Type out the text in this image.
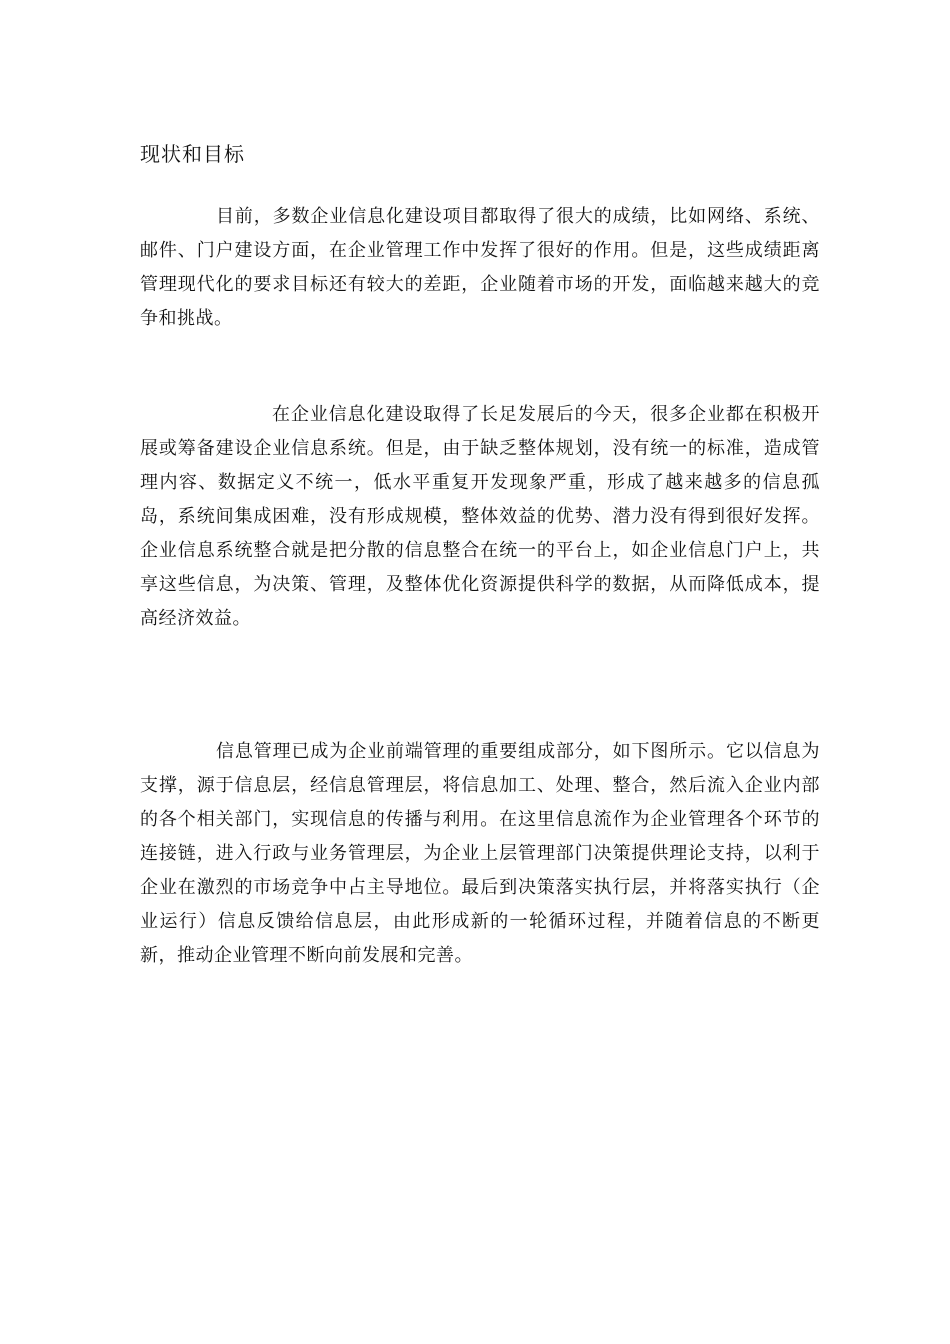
现状和目标

目前，多数企业信息化建设项目都取得了很大的成绩，比如网络、系统、邮件、门户建设方面，在企业管理工作中发挥了很好的作用。但是，这些成绩距离管理现代化的要求目标还有较大的差距，企业随着市场的开发，面临越来越大的竞争和挑战。

在企业信息化建设取得了长足发展后的今天，很多企业都在积极开展或筹备建设企业信息系统。但是，由于缺乏整体规划，没有统一的标准，造成管理内容、数据定义不统一，低水平重复开发现象严重，形成了越来越多的信息孤岛，系统间集成困难，没有形成规模，整体效益的优势、潜力没有得到很好发挥。企业信息系统整合就是把分散的信息整合在统一的平台上，如企业信息门户上，共享这些信息，为决策、管理，及整体优化资源提供科学的数据，从而降低成本，提高经济效益。

信息管理已成为企业前端管理的重要组成部分，如下图所示。它以信息为支撑，源于信息层，经信息管理层，将信息加工、处理、整合，然后流入企业内部的各个相关部门，实现信息的传播与利用。在这里信息流作为企业管理各个环节的连接链，进入行政与业务管理层，为企业上层管理部门决策提供理论支持，以利于企业在激烈的市场竞争中占主导地位。最后到决策落实执行层，并将落实执行（企业运行）信息反馈给信息层，由此形成新的一轮循环过程，并随着信息的不断更新，推动企业管理不断向前发展和完善。
